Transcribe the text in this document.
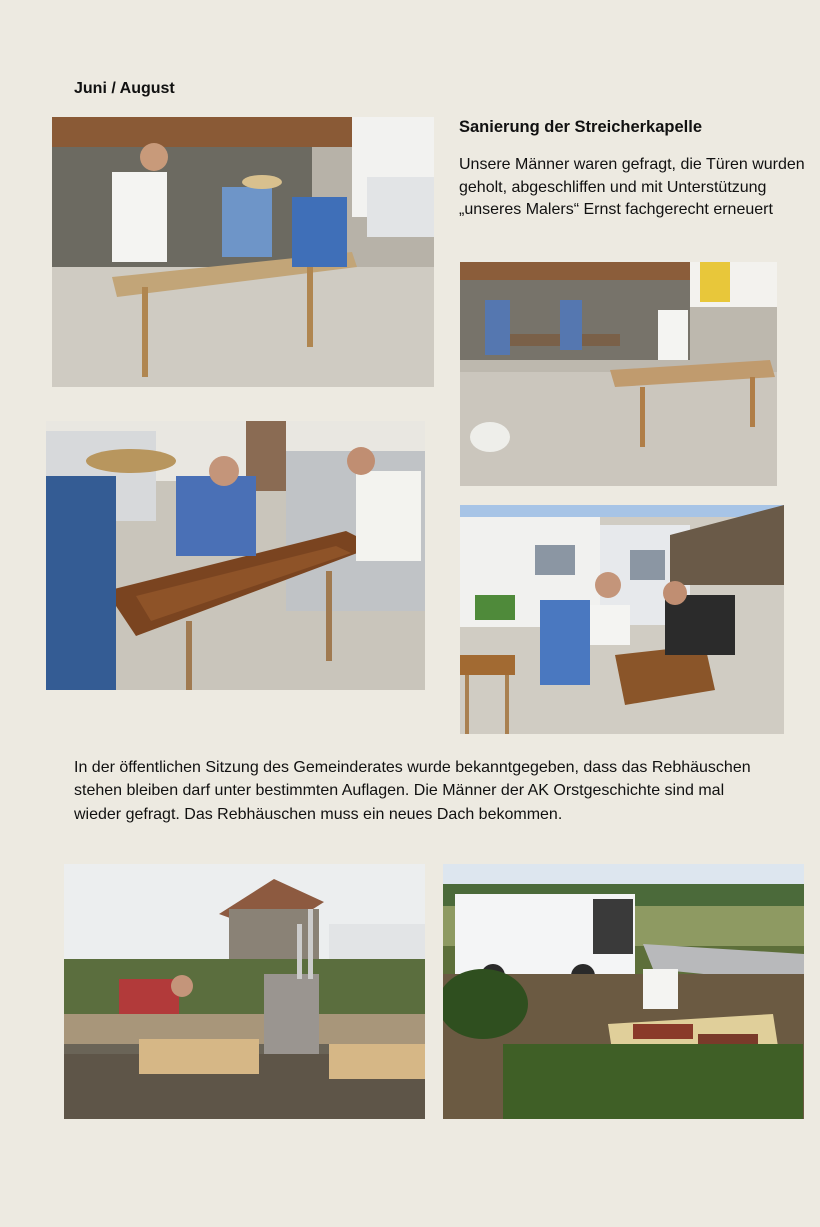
Juni / August

Sanierung der Streicherkapelle

Unsere Männer waren gefragt, die Türen wurden geholt, abgeschliffen und mit Unterstützung „unseres Malers“ Ernst fachgerecht erneuert

In der öffentlichen Sitzung des Gemeinderates wurde bekanntgegeben, dass das Rebhäuschen stehen bleiben darf unter bestimmten Auflagen. Die Männer der AK Orstgeschichte sind mal wieder gefragt. Das Rebhäuschen muss ein neues Dach bekommen.
